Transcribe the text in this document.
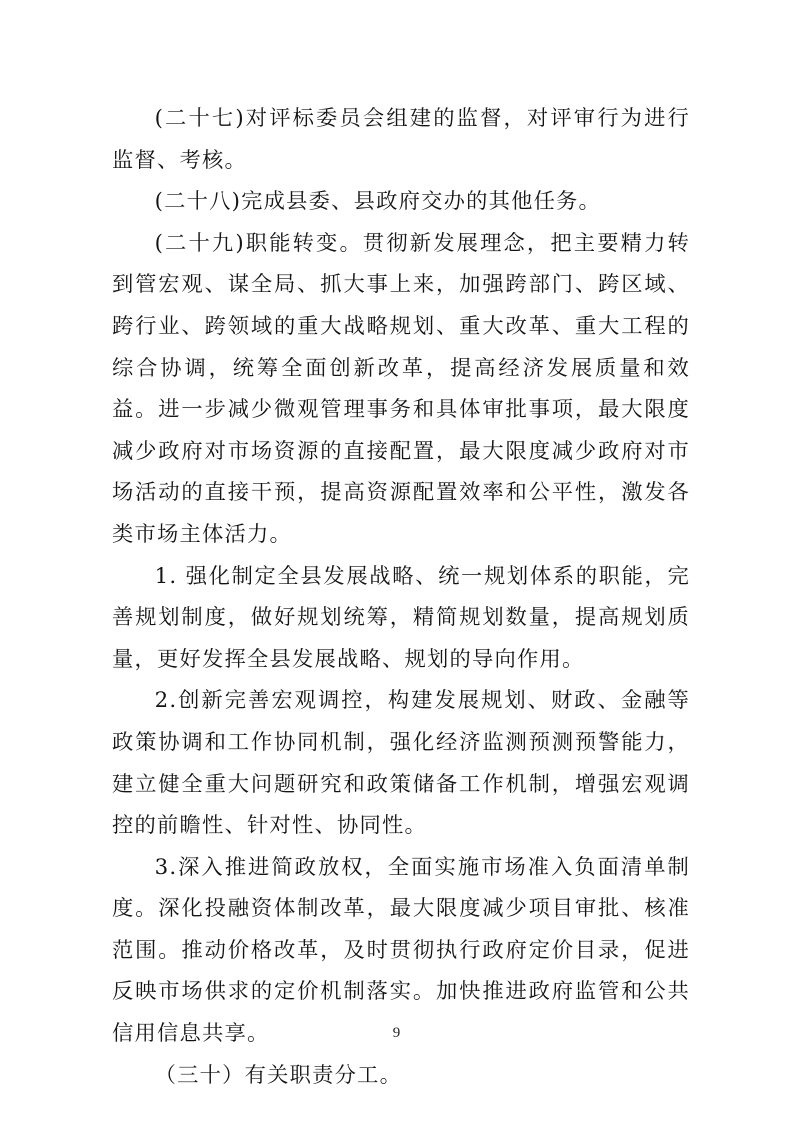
(二十七)对评标委员会组建的监督，对评审行为进行监督、考核。

(二十八)完成县委、县政府交办的其他任务。

(二十九)职能转变。贯彻新发展理念，把主要精力转到管宏观、谋全局、抓大事上来，加强跨部门、跨区域、跨行业、跨领域的重大战略规划、重大改革、重大工程的综合协调，统筹全面创新改革，提高经济发展质量和效益。进一步减少微观管理事务和具体审批事项，最大限度减少政府对市场资源的直接配置，最大限度减少政府对市场活动的直接干预，提高资源配置效率和公平性，激发各类市场主体活力。

1. 强化制定全县发展战略、统一规划体系的职能，完善规划制度，做好规划统筹，精简规划数量，提高规划质量，更好发挥全县发展战略、规划的导向作用。

2.创新完善宏观调控，构建发展规划、财政、金融等政策协调和工作协同机制，强化经济监测预测预警能力，建立健全重大问题研究和政策储备工作机制，增强宏观调控的前瞻性、针对性、协同性。

3.深入推进简政放权，全面实施市场准入负面清单制度。深化投融资体制改革，最大限度减少项目审批、核准范围。推动价格改革，及时贯彻执行政府定价目录，促进反映市场供求的定价机制落实。加快推进政府监管和公共信用信息共享。

（三十）有关职责分工。

9
